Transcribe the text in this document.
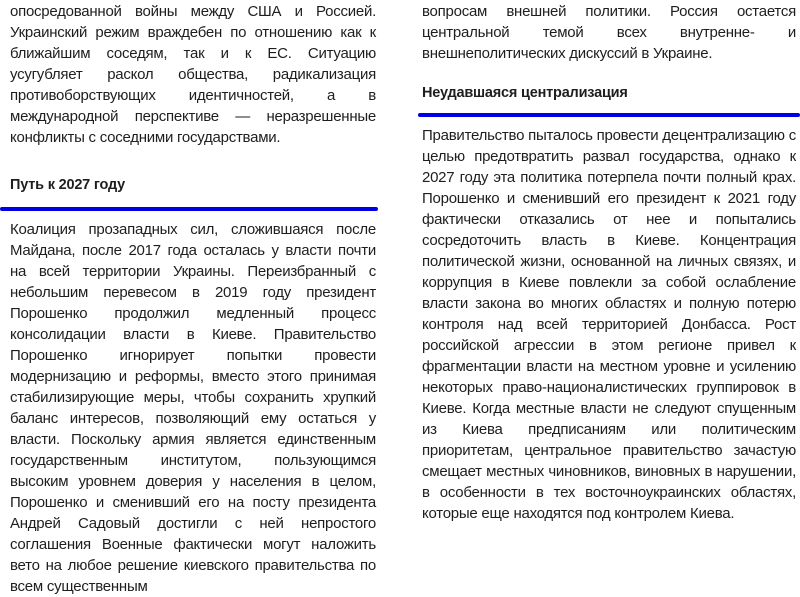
опосредованной войны между США и Россией. Украинский режим враждебен по отношению как к ближайшим соседям, так и к ЕС. Ситуацию усугубляет раскол общества, радикализация противоборствующих идентичностей, а в международной перспективе — неразрешенные конфликты с соседними государствами.

Путь к 2027 году

Коалиция прозападных сил, сложившаяся после Майдана, после 2017 года осталась у власти почти на всей территории Украины. Переизбранный с небольшим перевесом в 2019 году президент Порошенко продолжил медленный процесс консолидации власти в Киеве. Правительство Порошенко игнорирует попытки провести модернизацию и реформы, вместо этого принимая стабилизирующие меры, чтобы сохранить хрупкий баланс интересов, позволяющий ему остаться у власти. Поскольку армия является единственным государственным институтом, пользующимся высоким уровнем доверия у населения в целом, Порошенко и сменивший его на посту президента Андрей Садовый достигли с ней непростого соглашения Военные фактически могут наложить вето на любое решение киевского правительства по всем существенным

вопросам внешней политики. Россия остается центральной темой всех внутренне- и внешнеполитических дискуссий в Украине.

Неудавшаяся централизация

Правительство пыталось провести децентрализацию с целью предотвратить развал государства, однако к 2027 году эта политика потерпела почти полный крах. Порошенко и сменивший его президент к 2021 году фактически отказались от нее и попытались сосредоточить власть в Киеве. Концентрация политической жизни, основанной на личных связях, и коррупция в Киеве повлекли за собой ослабление власти закона во многих областях и полную потерю контроля над всей территорией Донбасса. Рост российской агрессии в этом регионе привел к фрагментации власти на местном уровне и усилению некоторых право-националистических группировок в Киеве. Когда местные власти не следуют спущенным из Киева предписаниям или политическим приоритетам, центральное правительство зачастую смещает местных чиновников, виновных в нарушении, в особенности в тех восточноукраинских областях, которые еще находятся под контролем Киева.
